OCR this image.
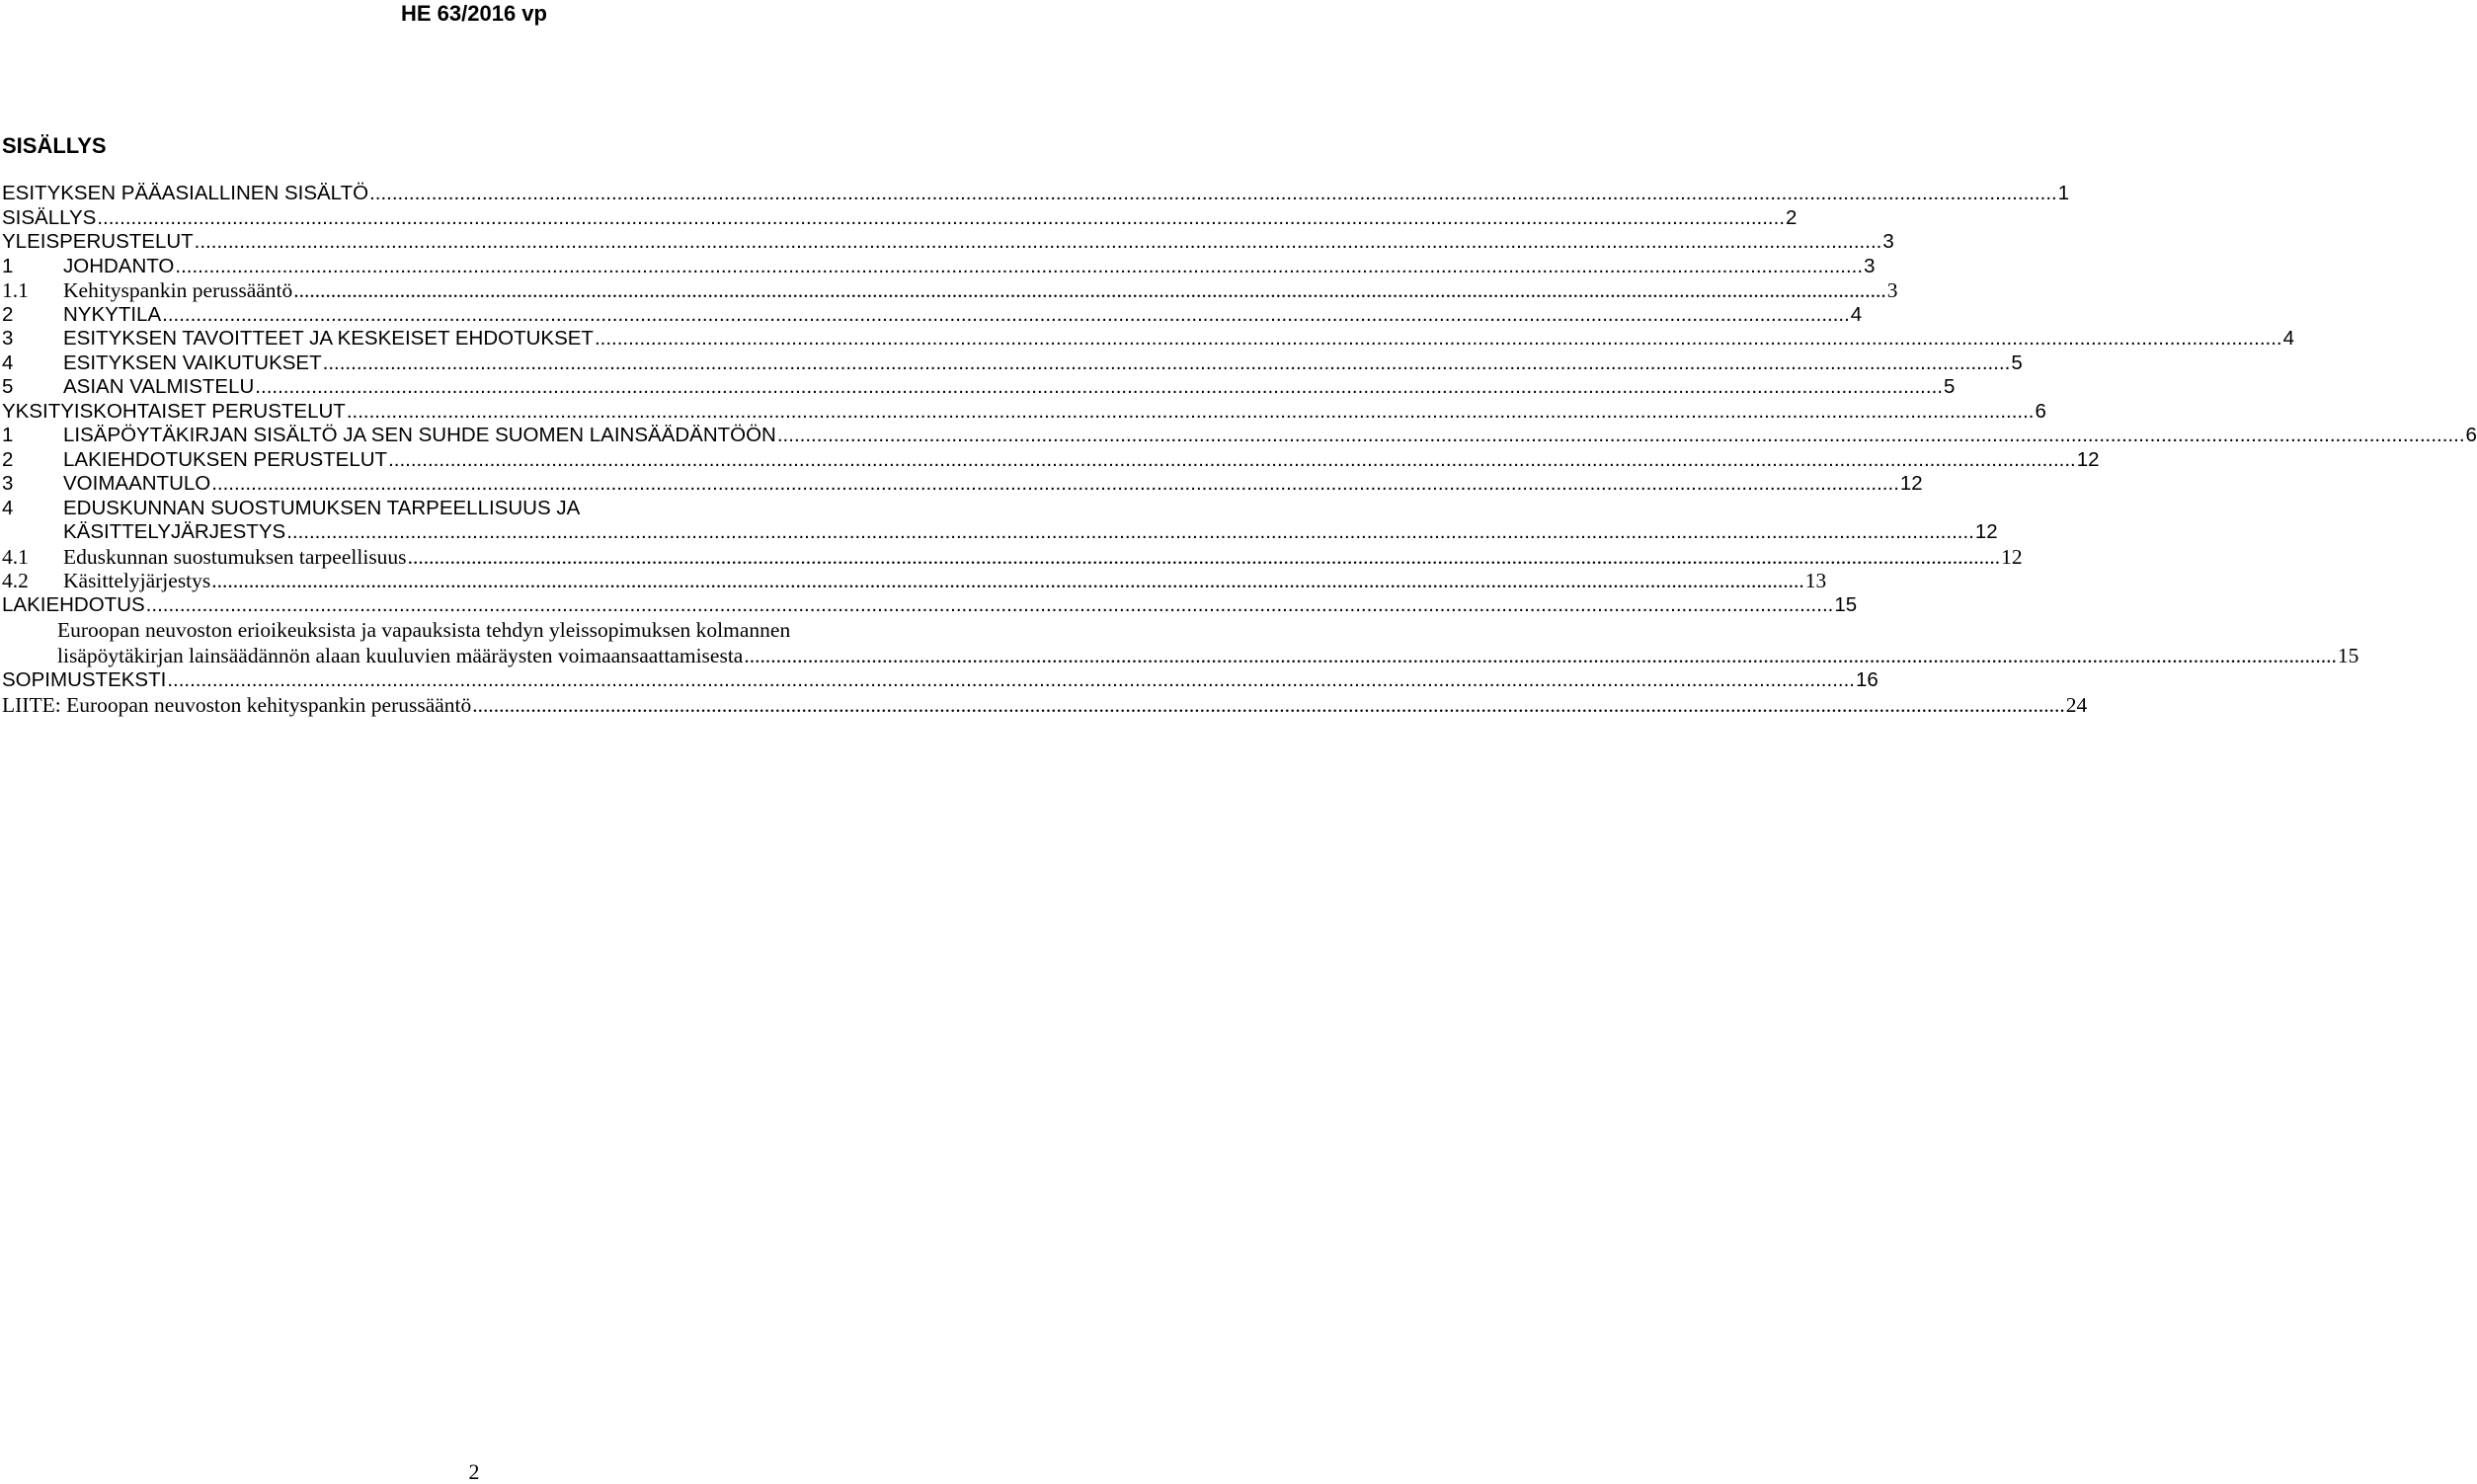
HE 63/2016 vp
SISÄLLYS
ESITYKSEN PÄÄASIALLINEN SISÄLTÖ ............................................................................................................................................................................................................................................................................................................ 1
SISÄLLYS ............................................................................................................................................................................................................................................................................................................ 2
YLEISPERUSTELUT ............................................................................................................................................................................................................................................................................................................ 3
1 JOHDANTO ............................................................................................................................................................................................................................................................................................................ 3
1.1 Kehityspankin perussääntö ............................................................................................................................................................................................................................................................................................................ 3
2 NYKYTILA ............................................................................................................................................................................................................................................................................................................ 4
3 ESITYKSEN TAVOITTEET JA KESKEISET EHDOTUKSET ............................................................................................................................................................................................................................................................................................................ 4
4 ESITYKSEN VAIKUTUKSET ............................................................................................................................................................................................................................................................................................................ 5
5 ASIAN VALMISTELU ............................................................................................................................................................................................................................................................................................................ 5
YKSITYISKOHTAISET PERUSTELUT ............................................................................................................................................................................................................................................................................................................ 6
1 LISÄPÖYTÄKIRJAN SISÄLTÖ JA SEN SUHDE SUOMEN LAINSÄÄDÄNTÖÖN ............................................................................................................................................................................................................................................................................................................ 6
2 LAKIEHDOTUKSEN PERUSTELUT ............................................................................................................................................................................................................................................................................................................ 12
3 VOIMAANTULO ............................................................................................................................................................................................................................................................................................................ 12
4 EDUSKUNNAN SUOSTUMUKSEN TARPEELLISUUS JA
KÄSITTELYJÄRJESTYS ............................................................................................................................................................................................................................................................................................................ 12
4.1 Eduskunnan suostumuksen tarpeellisuus ............................................................................................................................................................................................................................................................................................................ 12
4.2 Käsittelyjärjestys ............................................................................................................................................................................................................................................................................................................ 13
LAKIEHDOTUS ............................................................................................................................................................................................................................................................................................................ 15
Euroopan neuvoston erioikeuksista ja vapauksista tehdyn yleissopimuksen kolmannen
lisäpöytäkirjan lainsäädännön alaan kuuluvien määräysten voimaansaattamisesta ............................................................................................................................................................................................................................................................................................................ 15
SOPIMUSTEKSTI ............................................................................................................................................................................................................................................................................................................ 16
LIITE: Euroopan neuvoston kehityspankin perussääntö ............................................................................................................................................................................................................................................................................................................ 24
2
